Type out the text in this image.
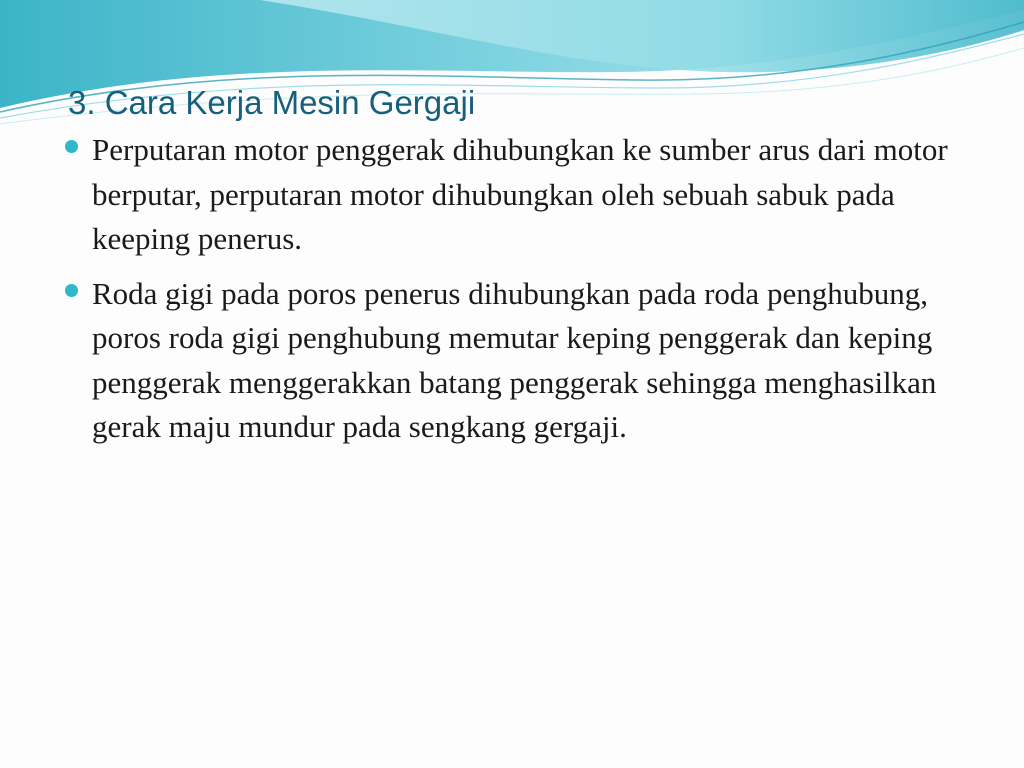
3. Cara Kerja Mesin Gergaji
Perputaran motor penggerak dihubungkan ke sumber arus dari motor berputar, perputaran motor dihubungkan oleh sebuah sabuk pada keeping penerus.
Roda gigi pada poros penerus dihubungkan pada roda penghubung, poros roda gigi penghubung memutar keping penggerak dan keping penggerak menggerakkan batang penggerak sehingga menghasilkan gerak maju mundur pada sengkang gergaji.
